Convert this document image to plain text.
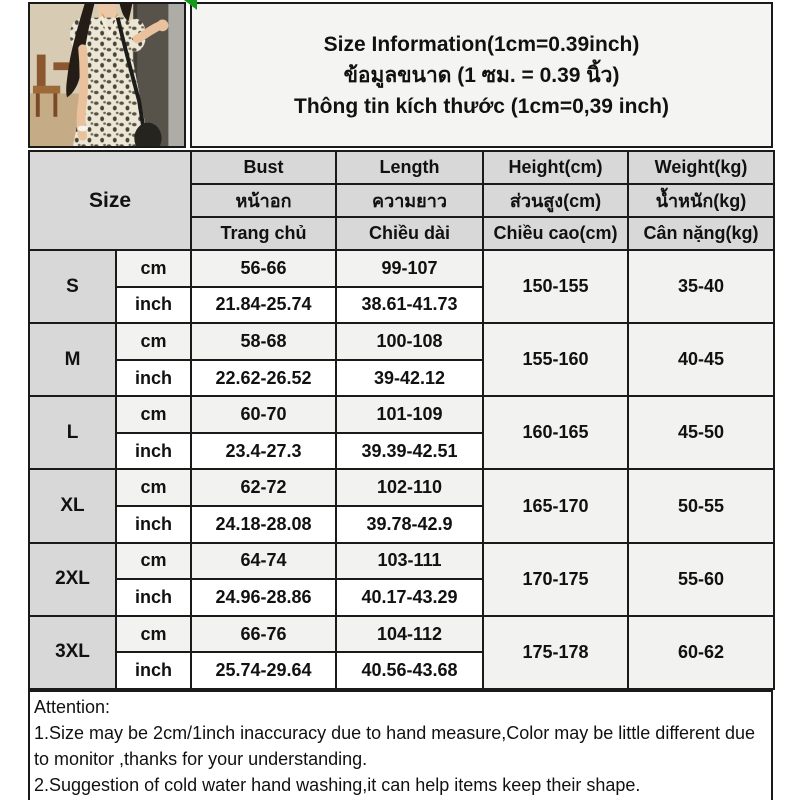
Size Information(1cm=0.39inch)
ข้อมูลขนาด (1 ซม. = 0.39 นิ้ว)
Thông tin kích thước (1cm=0,39 inch)
Size		Bust	Length	Height(cm)	Weight(kg)
		หน้าอก	ความยาว	ส่วนสูง(cm)	น้ำหนัก(kg)
		Trang chủ	Chiều dài	Chiều cao(cm)	Cân nặng(kg)
S	cm	56-66	99-107	150-155	35-40
	inch	21.84-25.74	38.61-41.73		
M	cm	58-68	100-108	155-160	40-45
	inch	22.62-26.52	39-42.12		
L	cm	60-70	101-109	160-165	45-50
	inch	23.4-27.3	39.39-42.51		
XL	cm	62-72	102-110	165-170	50-55
	inch	24.18-28.08	39.78-42.9		
2XL	cm	64-74	103-111	170-175	55-60
	inch	24.96-28.86	40.17-43.29		
3XL	cm	66-76	104-112	175-178	60-62
	inch	25.74-29.64	40.56-43.68		
Attention:
1.Size may be 2cm/1inch inaccuracy due to hand measure,Color may be little different due to monitor ,thanks for your understanding.
2.Suggestion of cold water hand washing,it can help items keep their shape.
